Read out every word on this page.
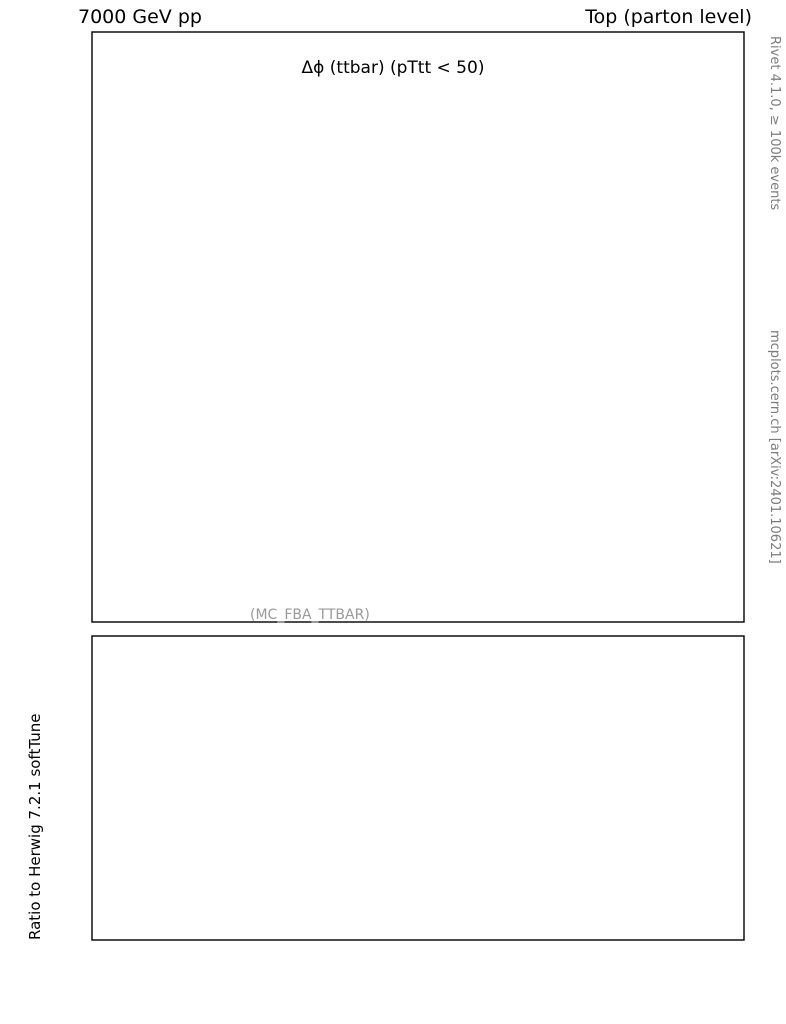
7000 GeV pp	Top (parton level)
Rivet 4.1.0, ≥ 100k events
mcplots.cern.ch [arXiv:2401.10621]
Δϕ (ttbar) (pTtt < 50)
(MC_FBA_TTBAR)
Ratio to Herwig 7.2.1 softTune
